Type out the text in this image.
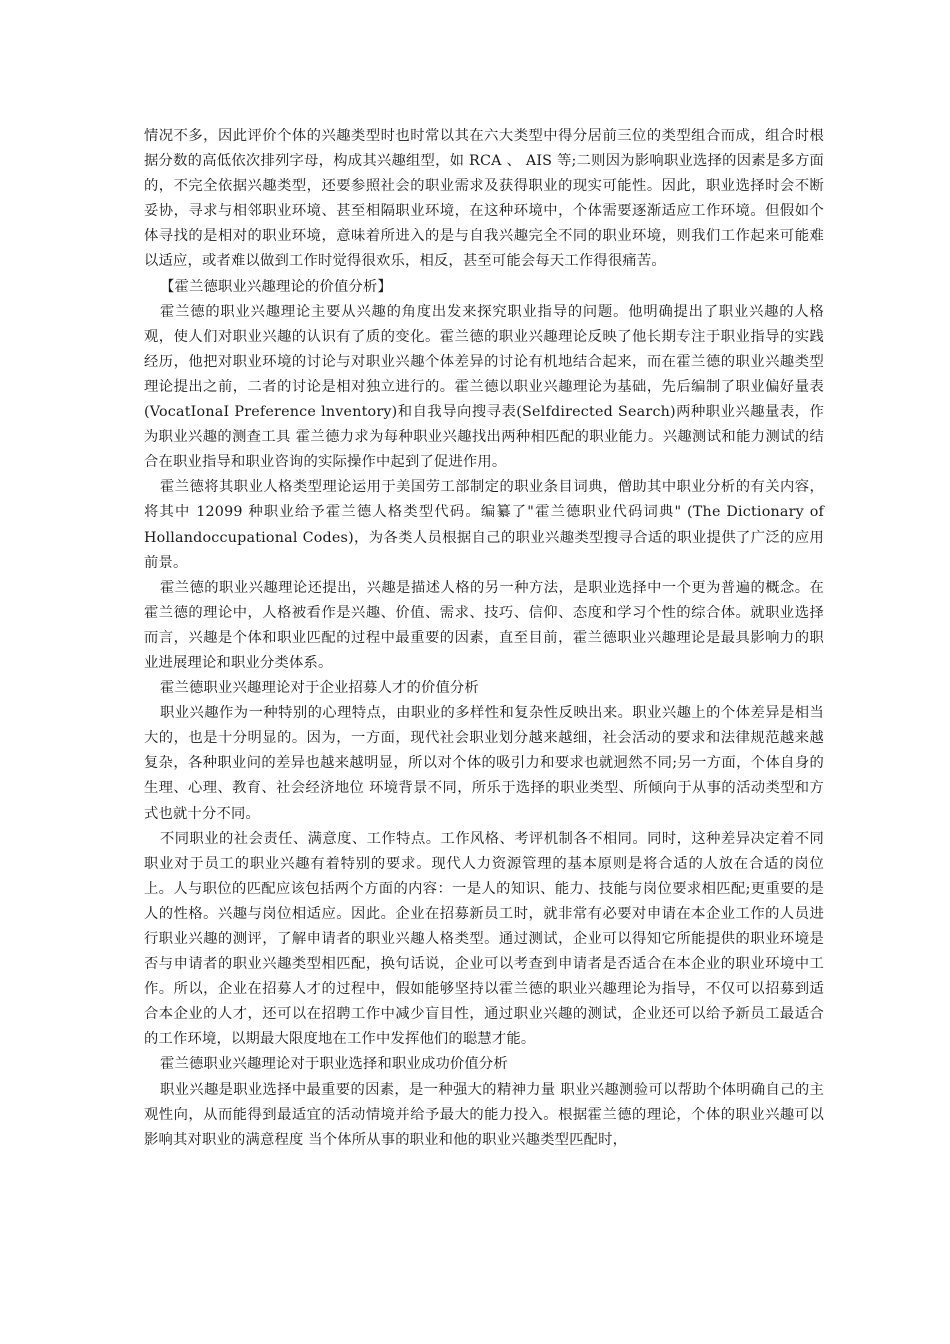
情况不多，因此评价个体的兴趣类型时也时常以其在六大类型中得分居前三位的类型组合而成，组合时根据分数的高低依次排列字母，构成其兴趣组型，如 RCA 、 AIS 等;二则因为影响职业选择的因素是多方面的，不完全依据兴趣类型，还要参照社会的职业需求及获得职业的现实可能性。因此，职业选择时会不断妥协，寻求与相邻职业环境、甚至相隔职业环境，在这种环境中，个体需要逐渐适应工作环境。但假如个体寻找的是相对的职业环境，意味着所进入的是与自我兴趣完全不同的职业环境，则我们工作起来可能难以适应，或者难以做到工作时觉得很欢乐，相反，甚至可能会每天工作得很痛苦。

【霍兰德职业兴趣理论的价值分析】

霍兰德的职业兴趣理论主要从兴趣的角度出发来探究职业指导的问题。他明确提出了职业兴趣的人格观，使人们对职业兴趣的认识有了质的变化。霍兰德的职业兴趣理论反映了他长期专注于职业指导的实践经历，他把对职业环境的讨论与对职业兴趣个体差异的讨论有机地结合起来，而在霍兰德的职业兴趣类型理论提出之前，二者的讨论是相对独立进行的。霍兰德以职业兴趣理论为基础，先后编制了职业偏好量表(VocatIonaI Preference lnventory)和自我导向搜寻表(Selfdirected Search)两种职业兴趣量表，作为职业兴趣的测查工具 霍兰德力求为每种职业兴趣找出两种相匹配的职业能力。兴趣测试和能力测试的结合在职业指导和职业咨询的实际操作中起到了促进作用。

霍兰德将其职业人格类型理论运用于美国劳工部制定的职业条目词典，僧助其中职业分析的有关内容，将其中 12099 种职业给予霍兰德人格类型代码。编纂了"霍兰德职业代码词典" (The Dictionary of Hollandoccupational Codes)，为各类人员根据自己的职业兴趣类型搜寻合适的职业提供了广泛的应用前景。

霍兰德的职业兴趣理论还提出，兴趣是描述人格的另一种方法，是职业选择中一个更为普遍的概念。在霍兰德的理论中，人格被看作是兴趣、价值、需求、技巧、信仰、态度和学习个性的综合体。就职业选择而言，兴趣是个体和职业匹配的过程中最重要的因素，直至目前，霍兰德职业兴趣理论是最具影响力的职业进展理论和职业分类体系。

霍兰德职业兴趣理论对于企业招募人才的价值分析

职业兴趣作为一种特别的心理特点，由职业的多样性和复杂性反映出来。职业兴趣上的个体差异是相当大的，也是十分明显的。因为，一方面，现代社会职业划分越来越细，社会活动的要求和法律规范越来越复杂，各种职业问的差异也越来越明显，所以对个体的吸引力和要求也就迥然不同;另一方面，个体自身的生理、心理、教育、社会经济地位 环境背景不同，所乐于选择的职业类型、所倾向于从事的活动类型和方式也就十分不同。

不同职业的社会责任、满意度、工作特点。工作风格、考评机制各不相同。同时，这种差异决定着不同职业对于员工的职业兴趣有着特别的要求。现代人力资源管理的基本原则是将合适的人放在合适的岗位上。人与职位的匹配应该包括两个方面的内容：一是人的知识、能力、技能与岗位要求相匹配;更重要的是人的性格。兴趣与岗位相适应。因此。企业在招募新员工时，就非常有必要对申请在本企业工作的人员进行职业兴趣的测评，了解申请者的职业兴趣人格类型。通过测试，企业可以得知它所能提供的职业环境是否与申请者的职业兴趣类型相匹配，换句话说，企业可以考查到申请者是否适合在本企业的职业环境中工作。所以，企业在招募人才的过程中，假如能够坚持以霍兰德的职业兴趣理论为指导，不仅可以招募到适合本企业的人才，还可以在招聘工作中减少盲目性，通过职业兴趣的测试，企业还可以给予新员工最适合的工作环境，以期最大限度地在工作中发挥他们的聪慧才能。

霍兰德职业兴趣理论对于职业选择和职业成功价值分析

职业兴趣是职业选择中最重要的因素，是一种强大的精神力量 职业兴趣测验可以帮助个体明确自己的主观性向，从而能得到最适宜的活动情境并给予最大的能力投入。根据霍兰德的理论，个体的职业兴趣可以影响其对职业的满意程度 当个体所从事的职业和他的职业兴趣类型匹配时，
